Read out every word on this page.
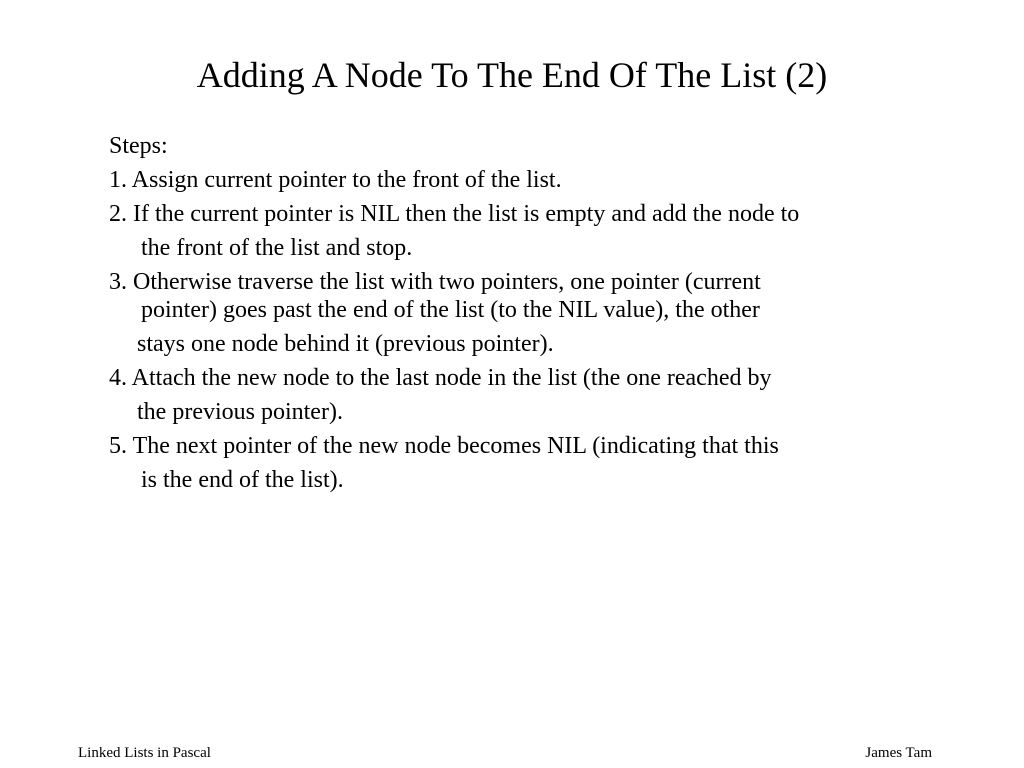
Adding A Node To The End Of The List (2)
Steps:
1. Assign current pointer to the front of the list.
2. If the current pointer is NIL then the list is empty and add the node to
the front of the list and stop.
3. Otherwise traverse the list with two pointers, one pointer (current
pointer) goes past the end of the list (to the NIL value), the other
stays one node behind it (previous pointer).
4. Attach the new node to the last node in the list (the one reached by
the previous pointer).
5. The next pointer of the new node becomes NIL (indicating that this
is the end of the list).
Linked Lists in Pascal	James Tam
